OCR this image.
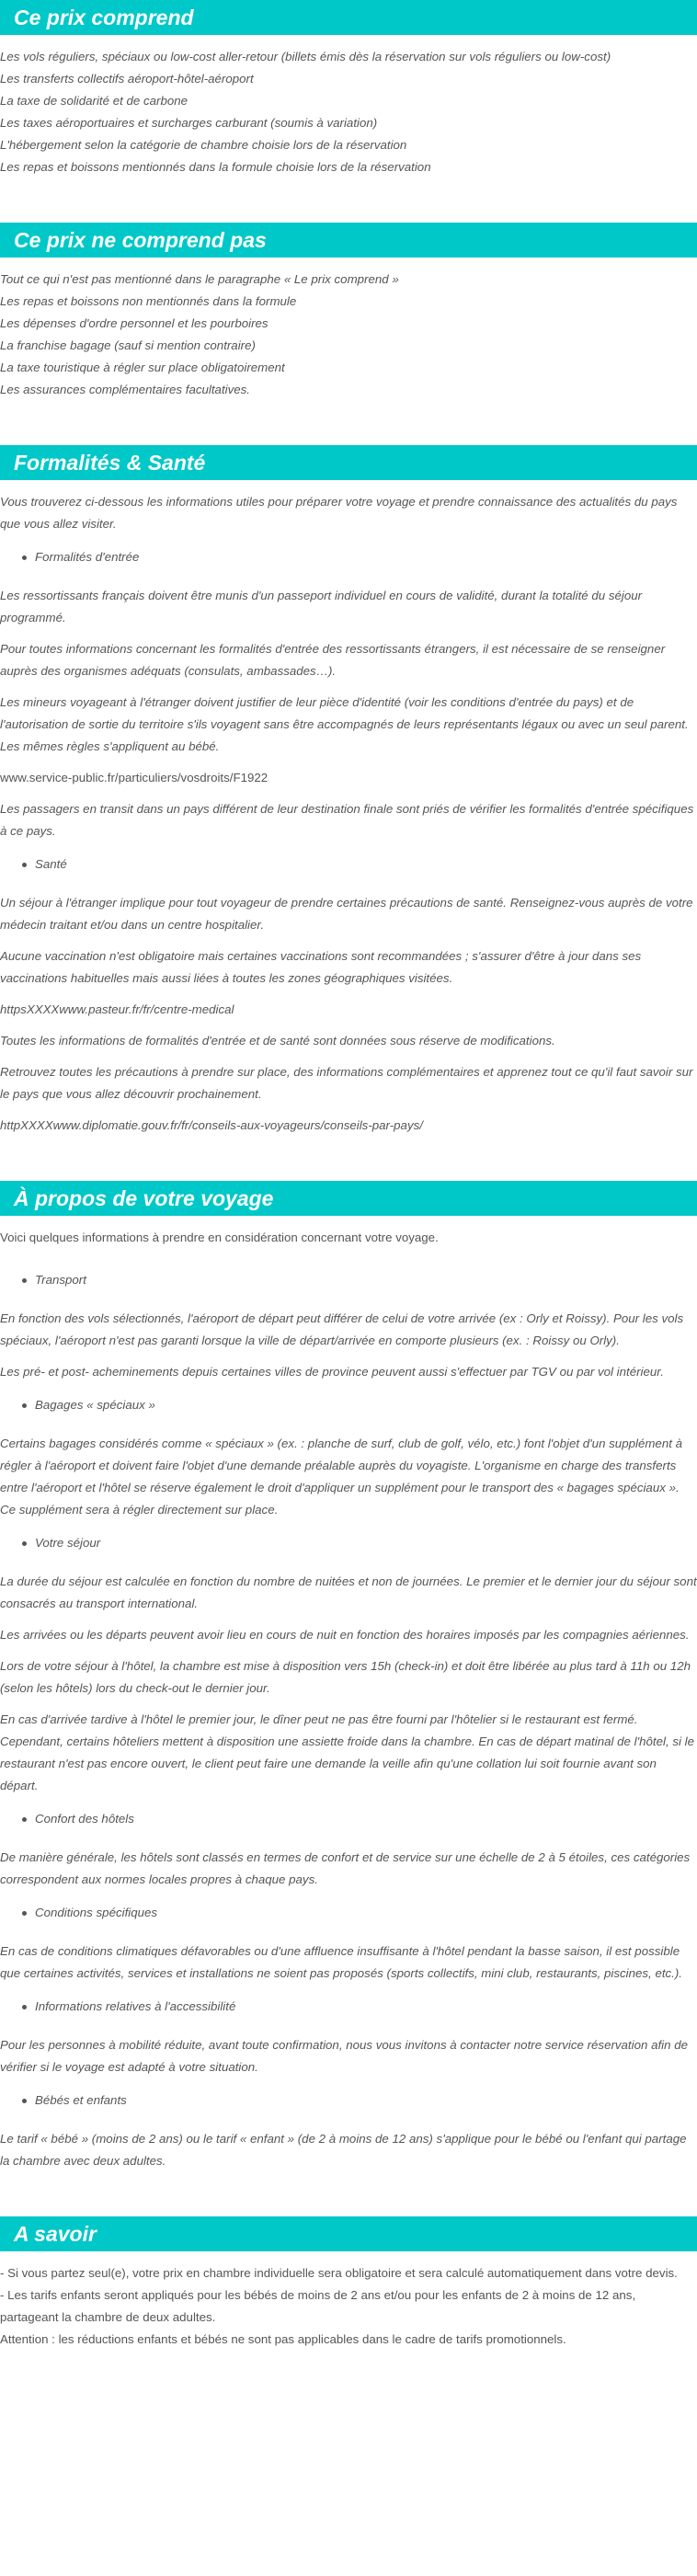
Ce prix comprend

Les vols réguliers, spéciaux ou low-cost aller-retour (billets émis dès la réservation sur vols réguliers ou low-cost)

Les transferts collectifs aéroport-hôtel-aéroport

La taxe de solidarité et de carbone

Les taxes aéroportuaires et surcharges carburant (soumis à variation)

L'hébergement selon la catégorie de chambre choisie lors de la réservation

Les repas et boissons mentionnés dans la formule choisie lors de la réservation

Ce prix ne comprend pas

Tout ce qui n'est pas mentionné dans le paragraphe « Le prix comprend »

Les repas et boissons non mentionnés dans la formule

Les dépenses d'ordre personnel et les pourboires

La franchise bagage (sauf si mention contraire)

La taxe touristique à régler sur place obligatoirement

Les assurances complémentaires facultatives.

Formalités & Santé

Vous trouverez ci-dessous les informations utiles pour préparer votre voyage et prendre connaissance des actualités du pays que vous allez visiter.

Formalités d'entrée

Les ressortissants français doivent être munis d'un passeport individuel en cours de validité, durant la totalité du séjour programmé.

Pour toutes informations concernant les formalités d'entrée des ressortissants étrangers, il est nécessaire de se renseigner auprès des organismes adéquats (consulats, ambassades…).

Les mineurs voyageant à l'étranger doivent justifier de leur pièce d'identité (voir les conditions d'entrée du pays) et de l'autorisation de sortie du territoire s'ils voyagent sans être accompagnés de leurs représentants légaux ou avec un seul parent. Les mêmes règles s'appliquent au bébé.

www.service-public.fr/particuliers/vosdroits/F1922

Les passagers en transit dans un pays différent de leur destination finale sont priés de vérifier les formalités d'entrée spécifiques à ce pays.

Santé

Un séjour à l'étranger implique pour tout voyageur de prendre certaines précautions de santé. Renseignez-vous auprès de votre médecin traitant et/ou dans un centre hospitalier.

Aucune vaccination n'est obligatoire mais certaines vaccinations sont recommandées ; s'assurer d'être à jour dans ses vaccinations habituelles mais aussi liées à toutes les zones géographiques visitées.

httpsXXXXwww.pasteur.fr/fr/centre-medical

Toutes les informations de formalités d'entrée et de santé sont données sous réserve de modifications.

Retrouvez toutes les précautions à prendre sur place, des informations complémentaires et apprenez tout ce qu'il faut savoir sur le pays que vous allez découvrir prochainement.

httpXXXXwww.diplomatie.gouv.fr/fr/conseils-aux-voyageurs/conseils-par-pays/

À propos de votre voyage

Voici quelques informations à prendre en considération concernant votre voyage.

Transport

En fonction des vols sélectionnés, l'aéroport de départ peut différer de celui de votre arrivée (ex : Orly et Roissy). Pour les vols spéciaux, l'aéroport n'est pas garanti lorsque la ville de départ/arrivée en comporte plusieurs (ex. : Roissy ou Orly).

Les pré- et post- acheminements depuis certaines villes de province peuvent aussi s'effectuer par TGV ou par vol intérieur.

Bagages « spéciaux »

Certains bagages considérés comme « spéciaux » (ex. : planche de surf, club de golf, vélo, etc.) font l'objet d'un supplément à régler à l'aéroport et doivent faire l'objet d'une demande préalable auprès du voyagiste. L'organisme en charge des transferts entre l'aéroport et l'hôtel se réserve également le droit d'appliquer un supplément pour le transport des « bagages spéciaux ». Ce supplément sera à régler directement sur place.

Votre séjour

La durée du séjour est calculée en fonction du nombre de nuitées et non de journées. Le premier et le dernier jour du séjour sont consacrés au transport international.

Les arrivées ou les départs peuvent avoir lieu en cours de nuit en fonction des horaires imposés par les compagnies aériennes.

Lors de votre séjour à l'hôtel, la chambre est mise à disposition vers 15h (check-in) et doit être libérée au plus tard à 11h ou 12h (selon les hôtels) lors du check-out le dernier jour.

En cas d'arrivée tardive à l'hôtel le premier jour, le dîner peut ne pas être fourni par l'hôtelier si le restaurant est fermé. Cependant, certains hôteliers mettent à disposition une assiette froide dans la chambre. En cas de départ matinal de l'hôtel, si le restaurant n'est pas encore ouvert, le client peut faire une demande la veille afin qu'une collation lui soit fournie avant son départ.

Confort des hôtels

De manière générale, les hôtels sont classés en termes de confort et de service sur une échelle de 2 à 5 étoiles, ces catégories correspondent aux normes locales propres à chaque pays.

Conditions spécifiques

En cas de conditions climatiques défavorables ou d'une affluence insuffisante à l'hôtel pendant la basse saison, il est possible que certaines activités, services et installations ne soient pas proposés (sports collectifs, mini club, restaurants, piscines, etc.).

Informations relatives à l'accessibilité

Pour les personnes à mobilité réduite, avant toute confirmation, nous vous invitons à contacter notre service réservation afin de vérifier si le voyage est adapté à votre situation.

Bébés et enfants

Le tarif « bébé » (moins de 2 ans) ou le tarif « enfant » (de 2 à moins de 12 ans) s'applique pour le bébé ou l'enfant qui partage la chambre avec deux adultes.

A savoir

- Si vous partez seul(e), votre prix en chambre individuelle sera obligatoire et sera calculé automatiquement dans votre devis.

- Les tarifs enfants seront appliqués pour les bébés de moins de 2 ans et/ou pour les enfants de 2 à moins de 12 ans, partageant la chambre de deux adultes.

Attention : les réductions enfants et bébés ne sont pas applicables dans le cadre de tarifs promotionnels.
